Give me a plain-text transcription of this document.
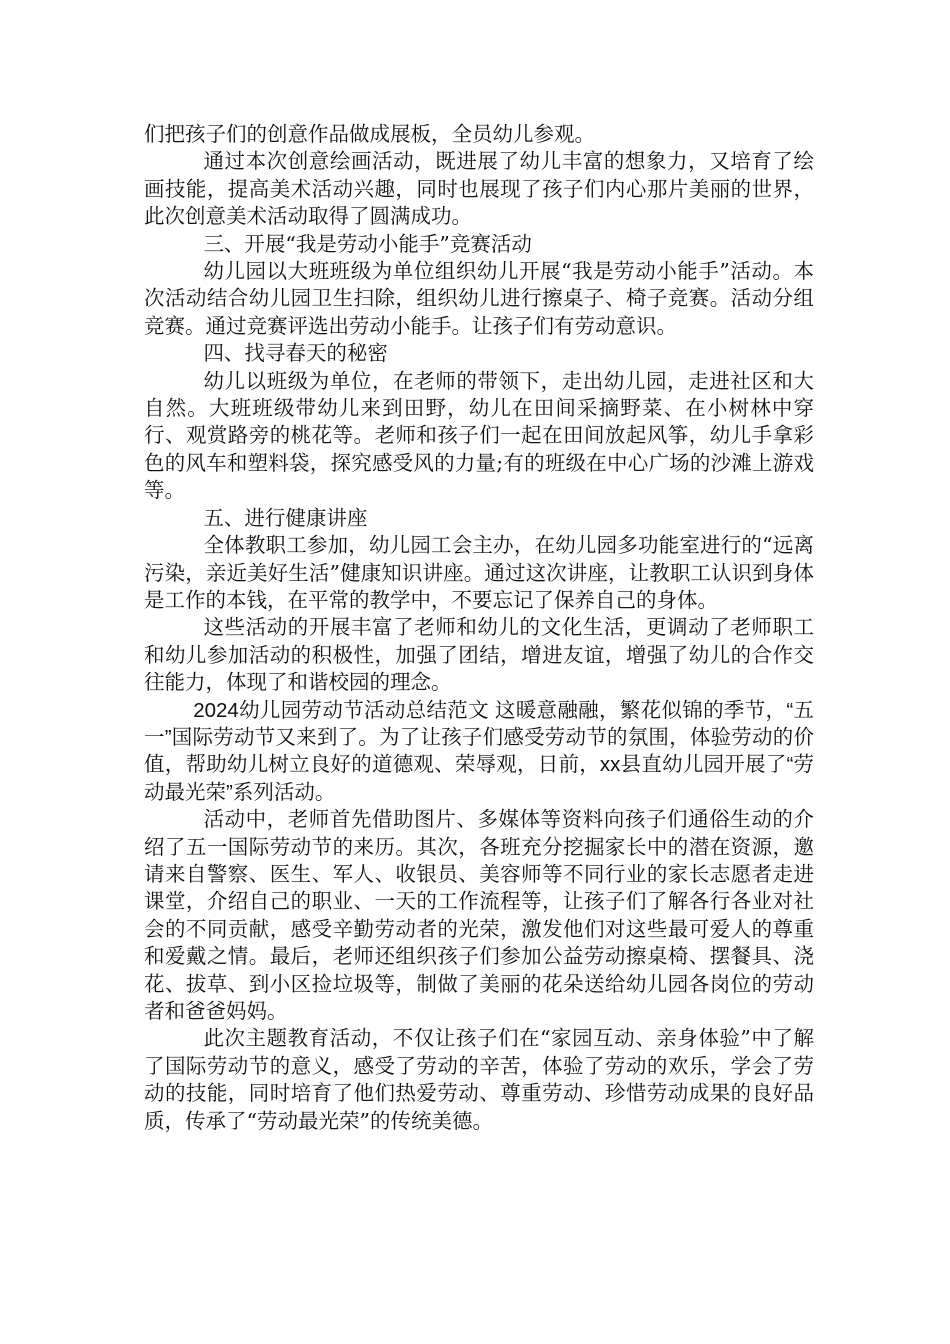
们把孩子们的创意作品做成展板，全员幼儿参观。

通过本次创意绘画活动，既进展了幼儿丰富的想象力，又培育了绘画技能，提高美术活动兴趣，同时也展现了孩子们内心那片美丽的世界，此次创意美术活动取得了圆满成功。

三、开展“我是劳动小能手”竞赛活动

幼儿园以大班班级为单位组织幼儿开展“我是劳动小能手”活动。本次活动结合幼儿园卫生扫除，组织幼儿进行擦桌子、椅子竞赛。活动分组竞赛。通过竞赛评选出劳动小能手。让孩子们有劳动意识。

四、找寻春天的秘密

幼儿以班级为单位，在老师的带领下，走出幼儿园，走进社区和大自然。大班班级带幼儿来到田野，幼儿在田间采摘野菜、在小树林中穿行、观赏路旁的桃花等。老师和孩子们一起在田间放起风筝，幼儿手拿彩色的风车和塑料袋，探究感受风的力量;有的班级在中心广场的沙滩上游戏等。

五、进行健康讲座

全体教职工参加，幼儿园工会主办，在幼儿园多功能室进行的“远离污染，亲近美好生活”健康知识讲座。通过这次讲座，让教职工认识到身体是工作的本钱，在平常的教学中，不要忘记了保养自己的身体。

这些活动的开展丰富了老师和幼儿的文化生活，更调动了老师职工和幼儿参加活动的积极性，加强了团结，增进友谊，增强了幼儿的合作交往能力，体现了和谐校园的理念。

2024幼儿园劳动节活动总结范文 这暖意融融，繁花似锦的季节，“五一”国际劳动节又来到了。为了让孩子们感受劳动节的氛围，体验劳动的价值，帮助幼儿树立良好的道德观、荣辱观，日前，xx县直幼儿园开展了“劳动最光荣”系列活动。

活动中，老师首先借助图片、多媒体等资料向孩子们通俗生动的介绍了五一国际劳动节的来历。其次，各班充分挖掘家长中的潜在资源，邀请来自警察、医生、军人、收银员、美容师等不同行业的家长志愿者走进课堂，介绍自己的职业、一天的工作流程等，让孩子们了解各行各业对社会的不同贡献，感受辛勤劳动者的光荣，激发他们对这些最可爱人的尊重和爱戴之情。最后，老师还组织孩子们参加公益劳动擦桌椅、摆餐具、浇花、拔草、到小区捡垃圾等，制做了美丽的花朵送给幼儿园各岗位的劳动者和爸爸妈妈。

此次主题教育活动，不仅让孩子们在“家园互动、亲身体验”中了解了国际劳动节的意义，感受了劳动的辛苦，体验了劳动的欢乐，学会了劳动的技能，同时培育了他们热爱劳动、尊重劳动、珍惜劳动成果的良好品质，传承了“劳动最光荣”的传统美德。
